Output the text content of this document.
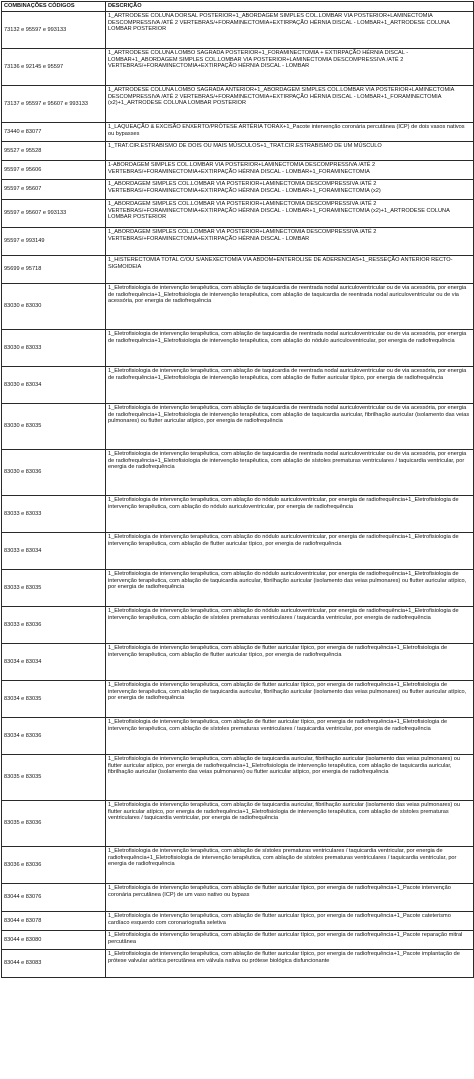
COMBINAÇÕES CÓDIGOS	DESCRIÇÃO
73132 e 95597 e 993133	1_ARTRODESE COLUNA DORSAL POSTERIOR+1_ABORDAGEM SIMPLES COL.LOMBAR VIA POSTERIOR+LAMINECTOMIA DESCOMPRESSIVA /ATÉ 2 VERTEBRAS/+FORAMINECTOMIA+EXTIRPAÇÃO HÉRNIA DISCAL - LOMBAR+1_ARTRODESE COLUNA LOMBAR POSTERIOR
73136 e 92145 e 95597	1_ARTRODESE COLUNA LOMBO SAGRADA POSTERIOR+1_FORAMINECTOMIA + EXTIRPAÇÃO HÉRNIA DISCAL - LOMBAR+1_ABORDAGEM SIMPLES COL.LOMBAR VIA POSTERIOR+LAMINECTOMIA DESCOMPRESSIVA /ATÉ 2 VERTEBRAS/+FORAMINECTOMIA+EXTIRPAÇÃO HÉRNIA DISCAL - LOMBAR
73137 e 95597 e 95607 e 993133	1_ARTRODESE COLUNA LOMBO SAGRADA ANTERIOR+1_ABORDAGEM SIMPLES COL.LOMBAR VIA POSTERIOR+LAMINECTOMIA DESCOMPRESSIVA /ATÉ 2 VERTEBRAS/+FORAMINECTOMIA+EXTIRPAÇÃO HÉRNIA DISCAL - LOMBAR+1_FORAMINECTOMIA (x2)+1_ARTRODESE COLUNA LOMBAR POSTERIOR
73440 e 83077	1_LAQUEAÇÃO & EXCISÃO ENXERTO/PRÓTESE ARTÉRIA TORAX+1_Pacote intervenção coronária percutânea (ICP) de dois vasos nativos ou bypasses
95527 e 95528	1_TRAT.CIR.ESTRABISMO DE DOIS OU MAIS MÚSCULOS+1_TRAT.CIR.ESTRABISMO DE UM MÚSCULO
95597 e 95606	1-ABORDAGEM SIMPLES COL.LOMBAR VIA POSTERIOR+LAMINECTOMIA DESCOMPRESSIVA /ATÉ 2 VERTEBRAS/+FORAMINECTOMIA+EXTIRPAÇÃO HÉRNIA DISCAL - LOMBAR+1_FORAMINECTOMIA
95597 e 95607	1_ABORDAGEM SIMPLES COL.LOMBAR VIA POSTERIOR+LAMINECTOMIA DESCOMPRESSIVA /ATÉ 2 VERTEBRAS/+FORAMINECTOMIA+EXTIRPAÇÃO HÉRNIA DISCAL - LOMBAR+1_FORAMINECTOMIA (x2)
95597 e 95607 e 993133	1_ABORDAGEM SIMPLES COL.LOMBAR VIA POSTERIOR+LAMINECTOMIA DESCOMPRESSIVA /ATÉ 2 VERTEBRAS/+FORAMINECTOMIA+EXTIRPAÇÃO HÉRNIA DISCAL - LOMBAR+1_FORAMINECTOMIA (x2)+1_ARTRODESE COLUNA LOMBAR POSTERIOR
95597 e 993149	1_ABORDAGEM SIMPLES COL.LOMBAR VIA POSTERIOR+LAMINECTOMIA DESCOMPRESSIVA /ATÉ 2 VERTEBRAS/+FORAMINECTOMIA+EXTIRPAÇÃO HÉRNIA DISCAL - LOMBAR
95699 e 95718	1_HISTERECTOMIA TOTAL C/OU S/ANEXECTOMIA VIA ABDOM+ENTEROLISE DE ADERENCIAS+1_RESSEÇÃO ANTERIOR RECTO-SIGMOIDEIA
83030 e 83030	1_Eletrofisiologia de intervenção terapêutica, com ablação de taquicardia de reentrada nodal auriculoventricular ou de via acessória, por energia de radiofrequência+1_Eletrofisiologia de intervenção terapêutica, com ablação de taquicardia de reentrada nodal auriculoventricular ou de via acessória, por energia de radiofrequência
83030 e 83033	1_Eletrofisiologia de intervenção terapêutica, com ablação de taquicardia de reentrada nodal auriculoventricular ou de via acessória, por energia de radiofrequência+1_Eletrofisiologia de intervenção terapêutica, com ablação do nódulo auriculoventricular, por energia de radiofrequência
83030 e 83034	1_Eletrofisiologia de intervenção terapêutica, com ablação de taquicardia de reentrada nodal auriculoventricular ou de via acessória, por energia de radiofrequência+1_Eletrofisiologia de intervenção terapêutica, com ablação de flutter auricular típico, por energia de radiofrequência
83030 e 83035	1_Eletrofisiologia de intervenção terapêutica, com ablação de taquicardia de reentrada nodal auriculoventricular ou de via acessória, por energia de radiofrequência+1_Eletrofisiologia de intervenção terapêutica, com ablação de taquicardia auricular, fibrilhação auricular (isolamento das veias pulmonares) ou flutter auricular atípico, por energia de radiofrequência
83030 e 83036	1_Eletrofisiologia de intervenção terapêutica, com ablação de taquicardia de reentrada nodal auriculoventricular ou de via acessória, por energia de radiofrequência+1_Eletrofisiologia de intervenção terapêutica, com ablação de sístoles prematuras ventriculares / taquicardia ventricular, por energia de radiofrequência
83033 e 83033	1_Eletrofisiologia de intervenção terapêutica, com ablação do nódulo auriculoventricular, por energia de radiofrequência+1_Eletrofisiologia de intervenção terapêutica, com ablação do nódulo auriculoventricular, por energia de radiofrequência
83033 e 83034	1_Eletrofisiologia de intervenção terapêutica, com ablação do nódulo auriculoventricular, por energia de radiofrequência+1_Eletrofisiologia de intervenção terapêutica, com ablação de flutter auricular típico, por energia de radiofrequência
83033 e 83035	1_Eletrofisiologia de intervenção terapêutica, com ablação do nódulo auriculoventricular, por energia de radiofrequência+1_Eletrofisiologia de intervenção terapêutica, com ablação de taquicardia auricular, fibrilhação auricular (isolamento das veias pulmonares) ou flutter auricular atípico, por energia de radiofrequência
83033 e 83036	1_Eletrofisiologia de intervenção terapêutica, com ablação do nódulo auriculoventricular, por energia de radiofrequência+1_Eletrofisiologia de intervenção terapêutica, com ablação de sístoles prematuras ventriculares / taquicardia ventricular, por energia de radiofrequência
83034 e 83034	1_Eletrofisiologia de intervenção terapêutica, com ablação de flutter auricular típico, por energia de radiofrequência+1_Eletrofisiologia de intervenção terapêutica, com ablação de flutter auricular típico, por energia de radiofrequência
83034 e 83035	1_Eletrofisiologia de intervenção terapêutica, com ablação de flutter auricular típico, por energia de radiofrequência+1_Eletrofisiologia de intervenção terapêutica, com ablação de taquicardia auricular, fibrilhação auricular (isolamento das veias pulmonares) ou flutter auricular atípico, por energia de radiofrequência
83034 e 83036	1_Eletrofisiologia de intervenção terapêutica, com ablação de flutter auricular típico, por energia de radiofrequência+1_Eletrofisiologia de intervenção terapêutica, com ablação de sístoles prematuras ventriculares / taquicardia ventricular, por energia de radiofrequência
83035 e 83035	1_Eletrofisiologia de intervenção terapêutica, com ablação de taquicardia auricular, fibrilhação auricular (isolamento das veias pulmonares) ou flutter auricular atípico, por energia de radiofrequência+1_Eletrofisiologia de intervenção terapêutica, com ablação de taquicardia auricular, fibrilhação auricular (isolamento das veias pulmonares) ou flutter auricular atípico, por energia de radiofrequência
83035 e 83036	1_Eletrofisiologia de intervenção terapêutica, com ablação de taquicardia auricular, fibrilhação auricular (isolamento das veias pulmonares) ou flutter auricular atípico, por energia de radiofrequência+1_Eletrofisiologia de intervenção terapêutica, com ablação de sístoles prematuras ventriculares / taquicardia ventricular, por energia de radiofrequência
83036 e 83036	1_Eletrofisiologia de intervenção terapêutica, com ablação de sístoles prematuras ventriculares / taquicardia ventricular, por energia de radiofrequência+1_Eletrofisiologia de intervenção terapêutica, com ablação de sístoles prematuras ventriculares / taquicardia ventricular, por energia de radiofrequência
83044 e 83076	1_Eletrofisiologia de intervenção terapêutica, com ablação de flutter auricular típico, por energia de radiofrequência+1_Pacote intervenção coronária percutânea (ICP) de um vaso nativo ou bypass
83044 e 83078	1_Eletrofisiologia de intervenção terapêutica, com ablação de flutter auricular típico, por energia de radiofrequência+1_Pacote cateterismo cardíaco esquerdo com coronariografia seletiva
83044 e 83080	1_Eletrofisiologia de intervenção terapêutica, com ablação de flutter auricular típico, por energia de radiofrequência+1_Pacote reparação mitral percutânea
83044 e 83083	1_Eletrofisiologia de intervenção terapêutica, com ablação de flutter auricular típico, por energia de radiofrequência+1_Pacote implantação de prótese valvular aórtica percutânea em válvula nativa ou prótese biológica disfuncionante
